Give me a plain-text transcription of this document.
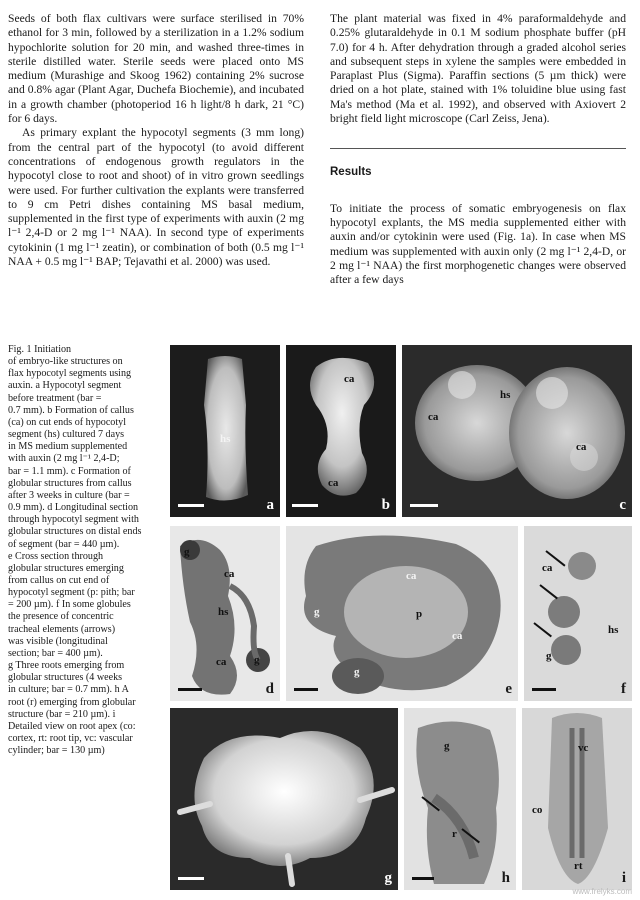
Seeds of both flax cultivars were surface sterilised in 70% ethanol for 3 min, followed by a sterilization in a 1.2% sodium hypochlorite solution for 20 min, and washed three-times in sterile distilled water. Sterile seeds were placed onto MS medium (Murashige and Skoog 1962) containing 2% sucrose and 0.8% agar (Plant Agar, Duchefa Biochemie), and incubated in a growth chamber (photoperiod 16 h light/8 h dark, 21 °C) for 6 days.

As primary explant the hypocotyl segments (3 mm long) from the central part of the hypocotyl (to avoid different concentrations of endogenous growth regulators in the hypocotyl close to root and shoot) of in vitro grown seedlings were used. For further cultivation the explants were transferred to 9 cm Petri dishes containing MS basal medium, supplemented in the first type of experiments with auxin (2 mg l⁻¹ 2,4-D or 2 mg l⁻¹ NAA). In second type of experiments cytokinin (1 mg l⁻¹ zeatin), or combination of both (0.5 mg l⁻¹ NAA + 0.5 mg l⁻¹ BAP; Tejavathi et al. 2000) was used.

The plant material was fixed in 4% paraformaldehyde and 0.25% glutaraldehyde in 0.1 M sodium phosphate buffer (pH 7.0) for 4 h. After dehydration through a graded alcohol series and subsequent steps in xylene the samples were embedded in Paraplast Plus (Sigma). Paraffin sections (5 µm thick) were dried on a hot plate, stained with 1% toluidine blue using fast Ma's method (Ma et al. 1992), and observed with Axiovert 2 bright field light microscope (Carl Zeiss, Jena).

Results

To initiate the process of somatic embryogenesis on flax hypocotyl explants, the MS media supplemented either with auxin and/or cytokinin were used (Fig. 1a). In case when MS medium was supplemented with auxin only (2 mg l⁻¹ 2,4-D, or 2 mg l⁻¹ NAA) the first morphogenetic changes were observed after a few days

Fig. 1 Initiation
of embryo-like structures on
flax hypocotyl segments using
auxin. a Hypocotyl segment
before treatment (bar =
0.7 mm). b Formation of callus
(ca) on cut ends of hypocotyl
segment (hs) cultured 7 days
in MS medium supplemented
with auxin (2 mg l⁻¹ 2,4-D;
bar = 1.1 mm). c Formation of
globular structures from callus
after 3 weeks in culture (bar =
0.9 mm). d Longitudinal section
through hypocotyl segment with
globular structures on distal ends
of segment (bar = 440 µm).
e Cross section through
globular structures emerging
from callus on cut end of
hypocotyl segment (p: pith; bar
= 200 µm). f In some globules
the presence of concentric
tracheal elements (arrows)
was visible (longitudinal
section; bar = 400 µm).
g Three roots emerging from
globular structures (4 weeks
in culture; bar = 0.7 mm). h A
root (r) emerging from globular
structure (bar = 210 µm). i
Detailed view on root apex (co:
cortex, rt: root tip, vc: vascular
cylinder; bar = 130 µm)

hs
a
ca
ca
b
ca
hs
ca
c
g
ca
hs
ca	g
d
ca
p
ca
g
g
e
ca
hs
g
f
g
g
r
h
vc
co
rt
i
www.frelyks.com
